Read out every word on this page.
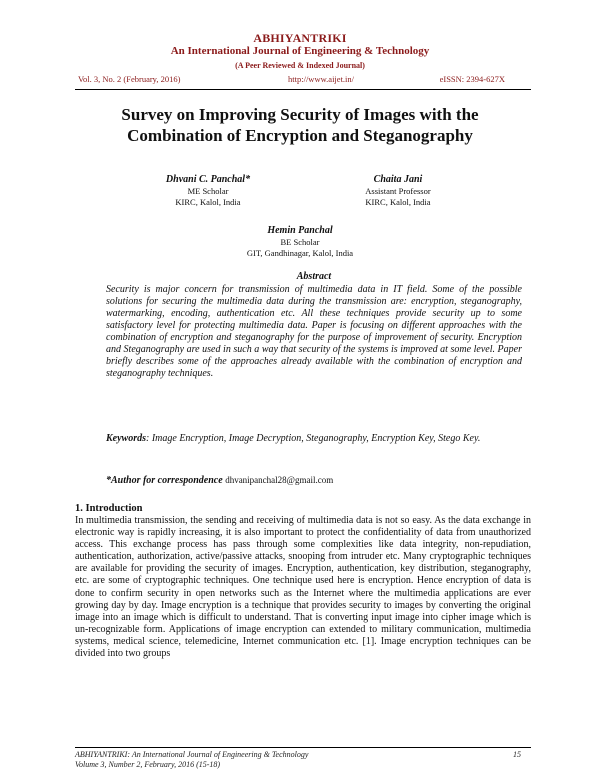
ABHIYANTRIKI
An International Journal of Engineering & Technology
(A Peer Reviewed & Indexed Journal)
Vol. 3, No. 2 (February, 2016)	http://www.aijet.in/	eISSN: 2394-627X
Survey on Improving Security of Images with the
Combination of Encryption and Steganography
Dhvani C. Panchal*
ME Scholar
KIRC, Kalol, India
Chaita Jani
Assistant Professor
KIRC, Kalol, India
Hemin Panchal
BE Scholar
GIT, Gandhinagar, Kalol, India
Abstract
Security is major concern for transmission of multimedia data in IT field. Some of the possible solutions for securing the multimedia data during the transmission are: encryption, steganography, watermarking, encoding, authentication etc. All these techniques provide security up to some satisfactory level for protecting multimedia data. Paper is focusing on different approaches with the combination of encryption and steganography for the purpose of improvement of security. Encryption and Steganography are used in such a way that security of the systems is improved at some level. Paper briefly describes some of the approaches already available with the combination of encryption and steganography techniques.
Keywords: Image Encryption, Image Decryption, Steganography, Encryption Key, Stego Key.
*Author for correspondence dhvanipanchal28@gmail.com
1. Introduction
In multimedia transmission, the sending and receiving of multimedia data is not so easy. As the data exchange in electronic way is rapidly increasing, it is also important to protect the confidentiality of data from unauthorized access. This exchange process has pass through some complexities like data integrity, non-repudiation, authentication, authorization, active/passive attacks, snooping from intruder etc. Many cryptographic techniques are available for providing the security of images. Encryption, authentication, key distribution, steganography, etc. are some of cryptographic techniques. One technique used here is encryption. Hence encryption of data is done to confirm security in open networks such as the Internet where the multimedia applications are ever growing day by day. Image encryption is a technique that provides security to images by converting the original image into an image which is difficult to understand. That is converting input image into cipher image which is un-recognizable form. Applications of image encryption can extended to military communication, multimedia systems, medical science, telemedicine, Internet communication etc. [1]. Image encryption techniques can be divided into two groups
ABHIYANTRIKI: An International Journal of Engineering & Technology
Volume 3, Number 2, February, 2016 (15-18)
15
